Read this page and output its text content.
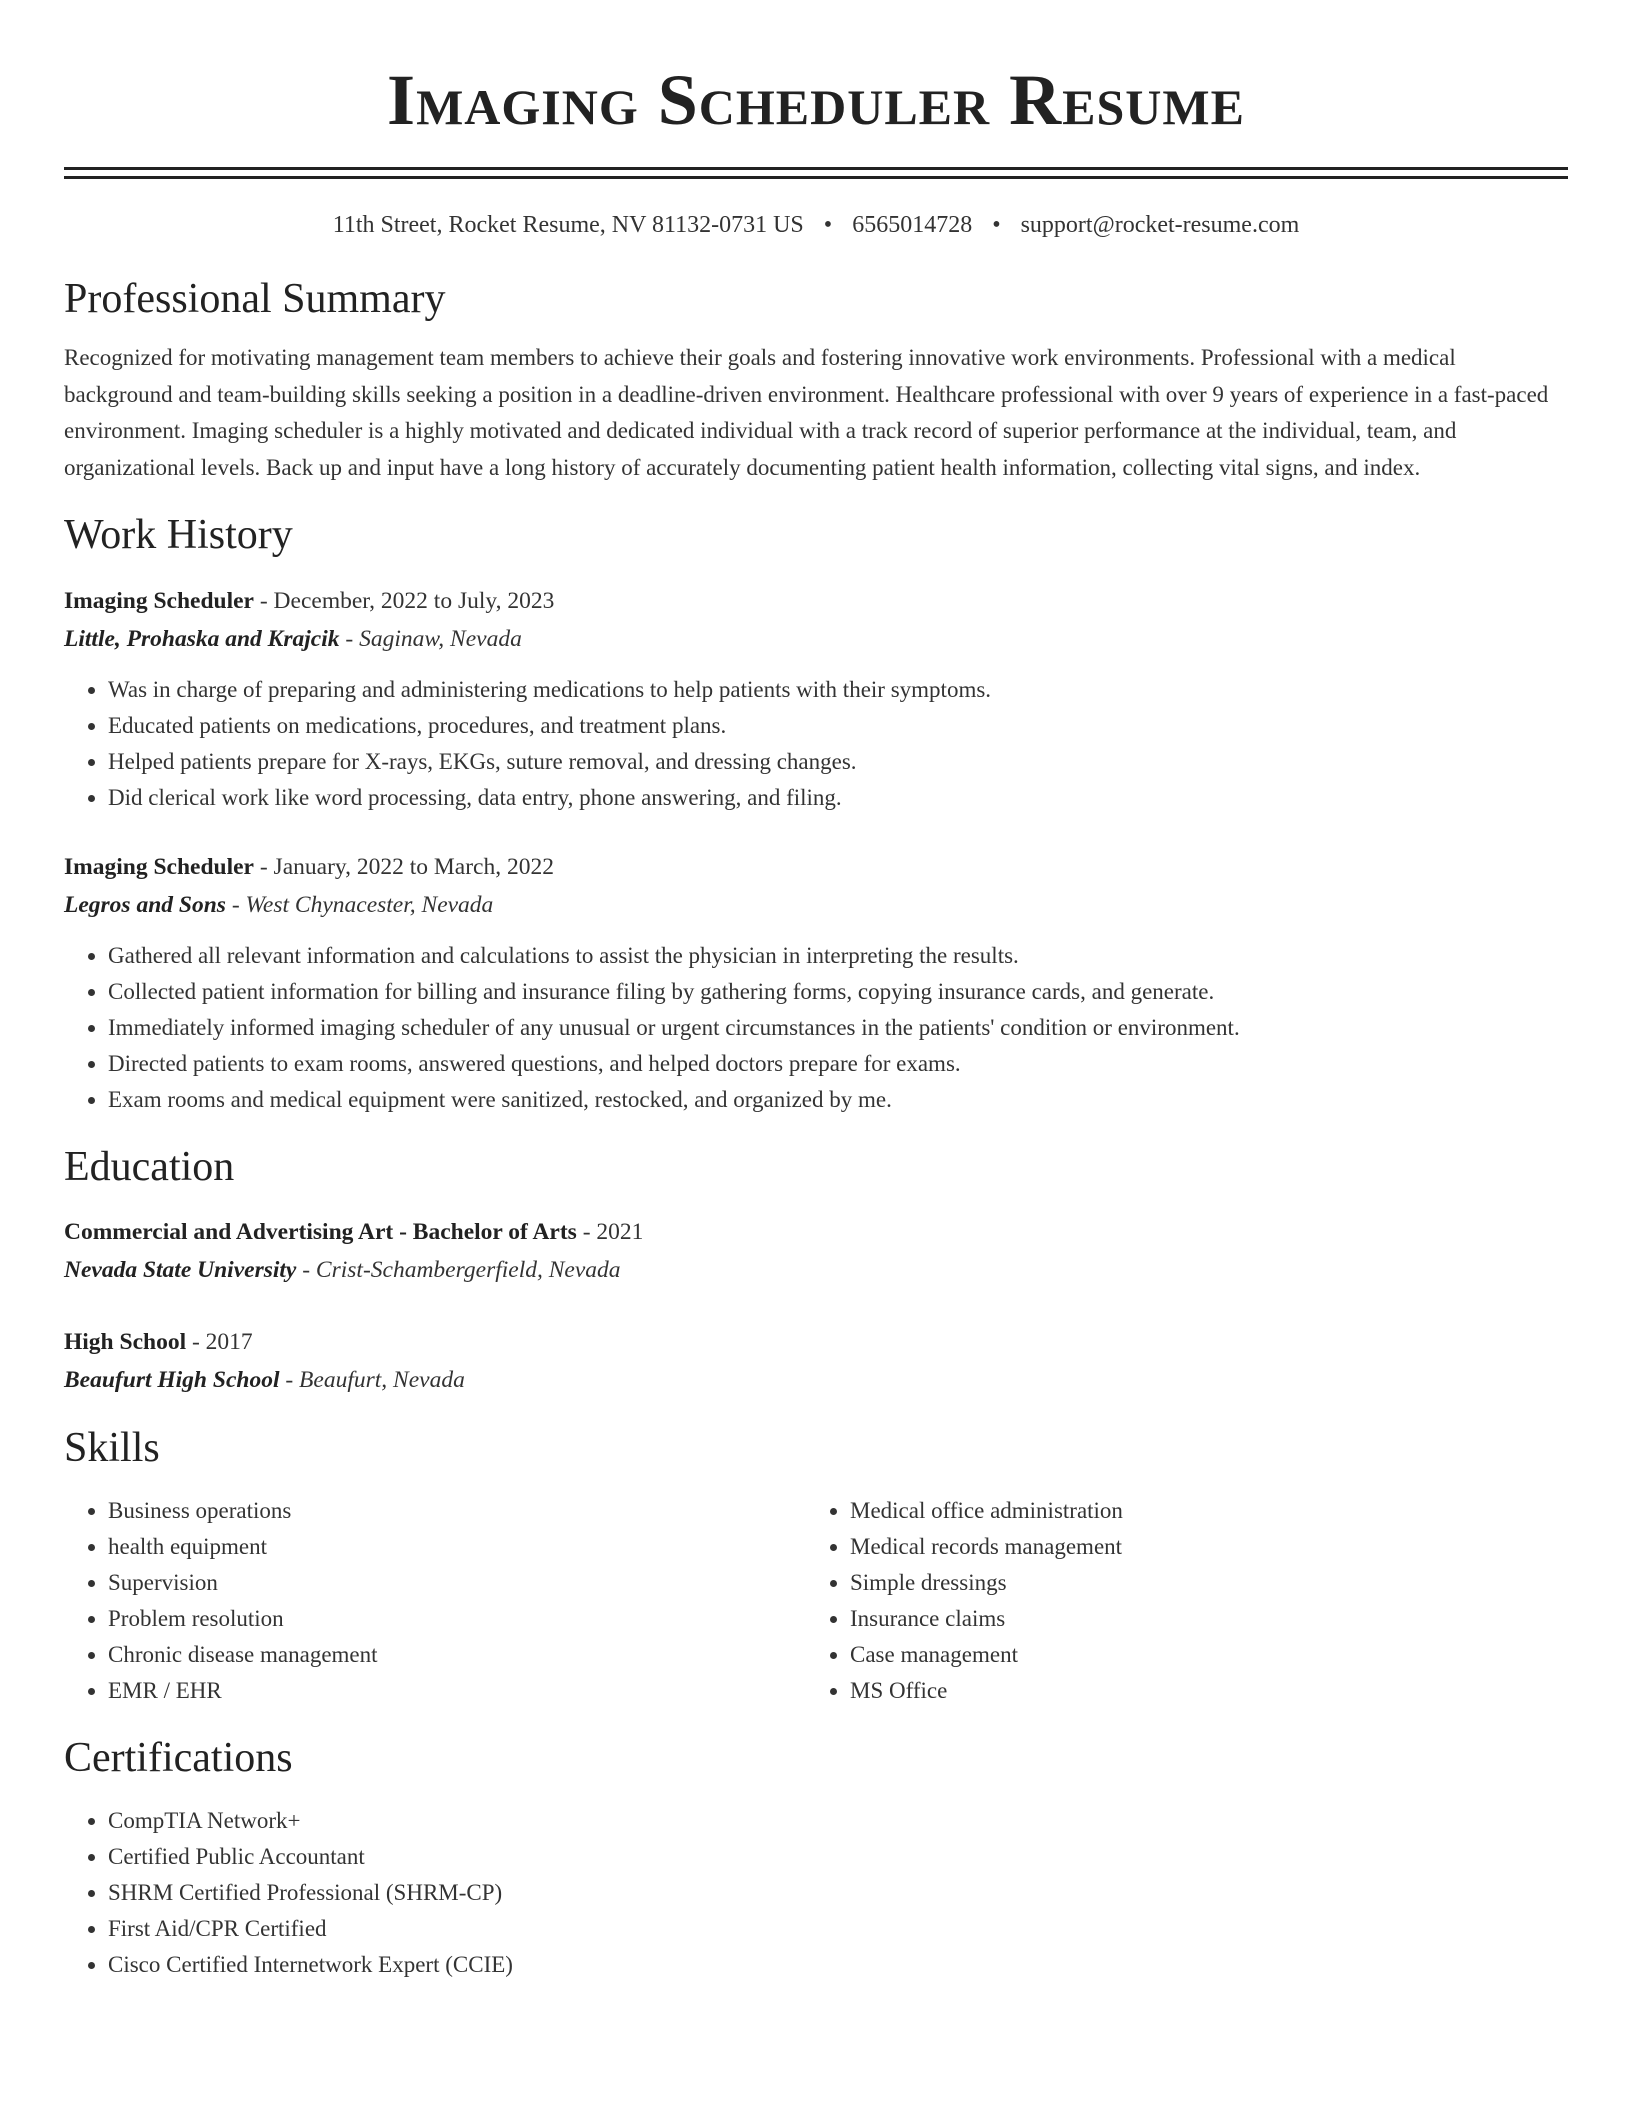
Imaging Scheduler Resume
11th Street, Rocket Resume, NV 81132-0731 US • 6565014728 • support@rocket-resume.com
Professional Summary

Recognized for motivating management team members to achieve their goals and fostering innovative work environments. Professional with a medical background and team-building skills seeking a position in a deadline-driven environment. Healthcare professional with over 9 years of experience in a fast-paced environment. Imaging scheduler is a highly motivated and dedicated individual with a track record of superior performance at the individual, team, and organizational levels. Back up and input have a long history of accurately documenting patient health information, collecting vital signs, and index.

Work History
Imaging Scheduler - December, 2022 to July, 2023
Little, Prohaska and Krajcik - Saginaw, Nevada
• Was in charge of preparing and administering medications to help patients with their symptoms.
• Educated patients on medications, procedures, and treatment plans.
• Helped patients prepare for X-rays, EKGs, suture removal, and dressing changes.
• Did clerical work like word processing, data entry, phone answering, and filing.
Imaging Scheduler - January, 2022 to March, 2022
Legros and Sons - West Chynacester, Nevada
• Gathered all relevant information and calculations to assist the physician in interpreting the results.
• Collected patient information for billing and insurance filing by gathering forms, copying insurance cards, and generate.
• Immediately informed imaging scheduler of any unusual or urgent circumstances in the patients' condition or environment.
• Directed patients to exam rooms, answered questions, and helped doctors prepare for exams.
• Exam rooms and medical equipment were sanitized, restocked, and organized by me.
Education
Commercial and Advertising Art - Bachelor of Arts - 2021
Nevada State University - Crist-Schambergerfield, Nevada
High School - 2017
Beaufurt High School - Beaufurt, Nevada
Skills
• Business operations
• health equipment
• Supervision
• Problem resolution
• Chronic disease management
• EMR / EHR
• Medical office administration
• Medical records management
• Simple dressings
• Insurance claims
• Case management
• MS Office
Certifications
• CompTIA Network+
• Certified Public Accountant
• SHRM Certified Professional (SHRM-CP)
• First Aid/CPR Certified
• Cisco Certified Internetwork Expert (CCIE)
